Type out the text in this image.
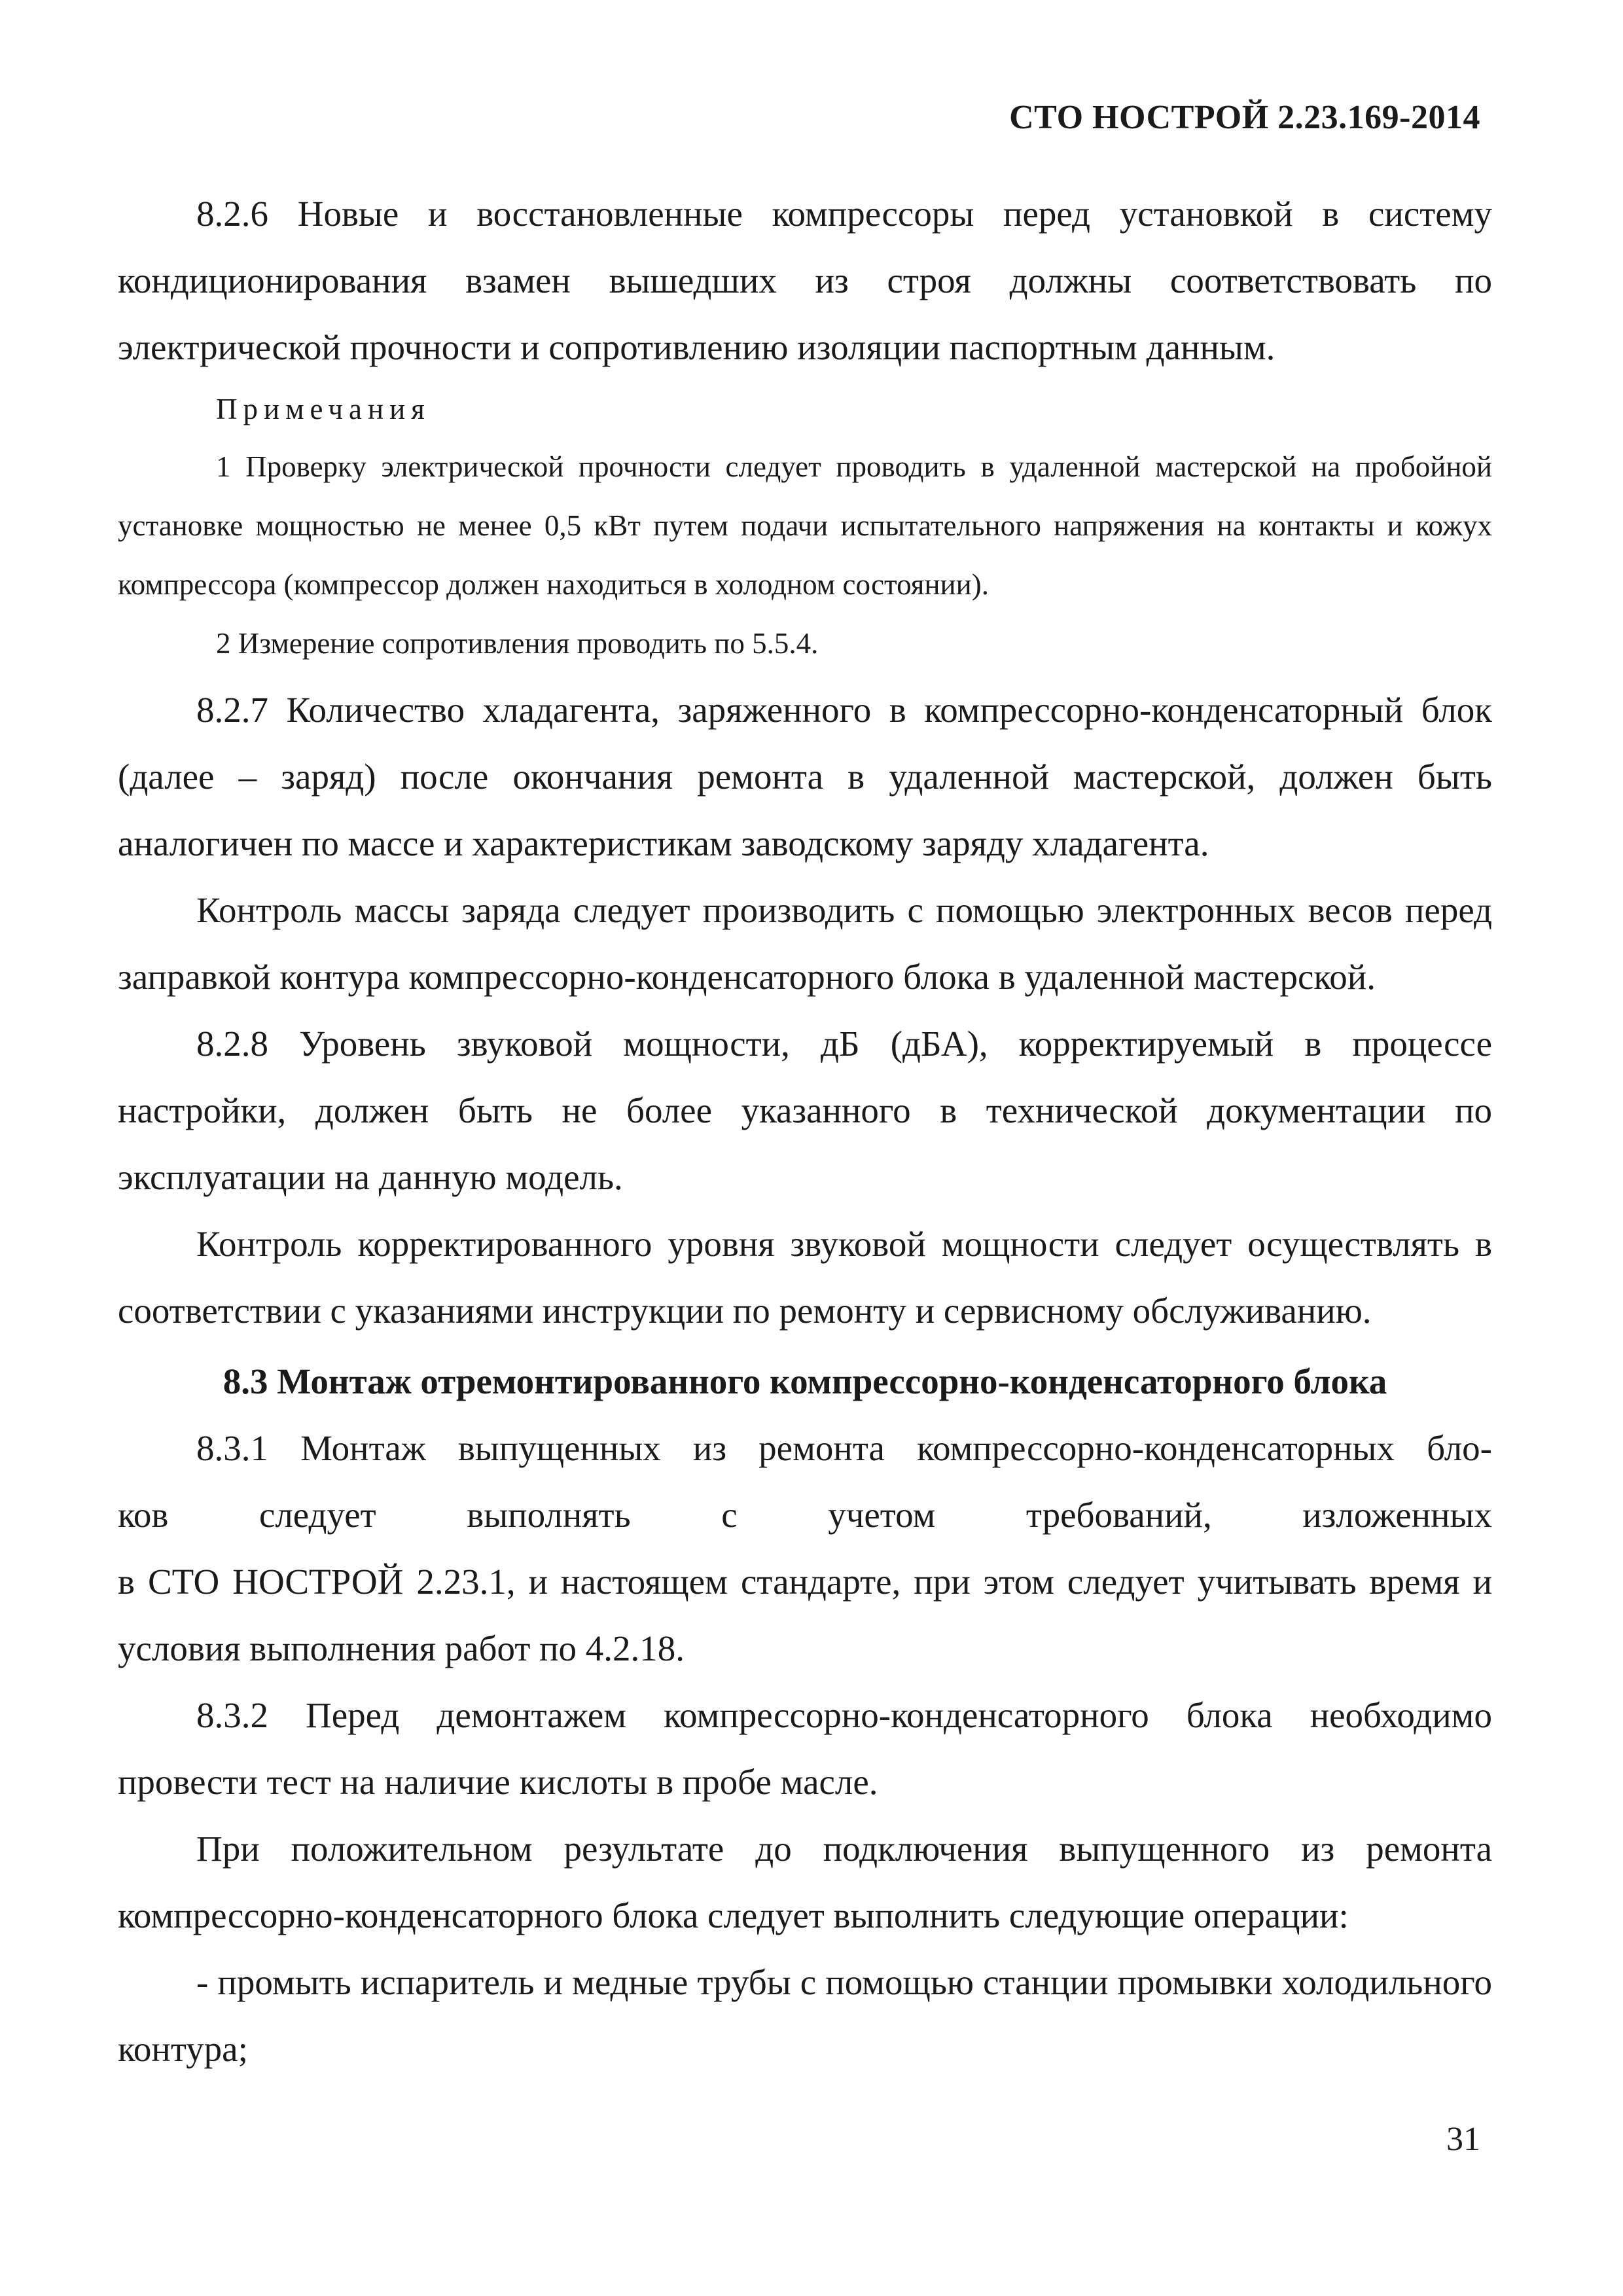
СТО НОСТРОЙ 2.23.169-2014

8.2.6 Новые и восстановленные компрессоры перед установкой в систему кондиционирования взамен вышедших из строя должны соответствовать по электрической прочности и сопротивлению изоляции паспортным данным.

Примечания

1 Проверку электрической прочности следует проводить в удаленной мастерской на пробойной установке мощностью не менее 0,5 кВт путем подачи испытательного напряжения на контакты и кожух компрессора (компрессор должен находиться в холодном состоянии).

2 Измерение сопротивления проводить по 5.5.4.

8.2.7 Количество хладагента, заряженного в компрессорно-конденсаторный блок (далее – заряд) после окончания ремонта в удаленной мастерской, должен быть аналогичен по массе и характеристикам заводскому заряду хладагента.

Контроль массы заряда следует производить с помощью электронных весов перед заправкой контура компрессорно-конденсаторного блока в удаленной мастерской.

8.2.8 Уровень звуковой мощности, дБ (дБА), корректируемый в процессе настройки, должен быть не более указанного в технической документации по эксплуатации на данную модель.

Контроль корректированного уровня звуковой мощности следует осуществлять в соответствии с указаниями инструкции по ремонту и сервисному обслуживанию.

8.3 Монтаж отремонтированного компрессорно-конденсаторного блока

8.3.1 Монтаж выпущенных из ремонта компрессорно-конденсаторных бло-

ков следует выполнять с учетом требований, изложенных

в СТО НОСТРОЙ 2.23.1, и настоящем стандарте, при этом следует учитывать время и условия выполнения работ по 4.2.18.

8.3.2 Перед демонтажем компрессорно-конденсаторного блока необходимо провести тест на наличие кислоты в пробе масле.

При положительном результате до подключения выпущенного из ремонта компрессорно-конденсаторного блока следует выполнить следующие операции:

- промыть испаритель и медные трубы с помощью станции промывки холодильного контура;

31
